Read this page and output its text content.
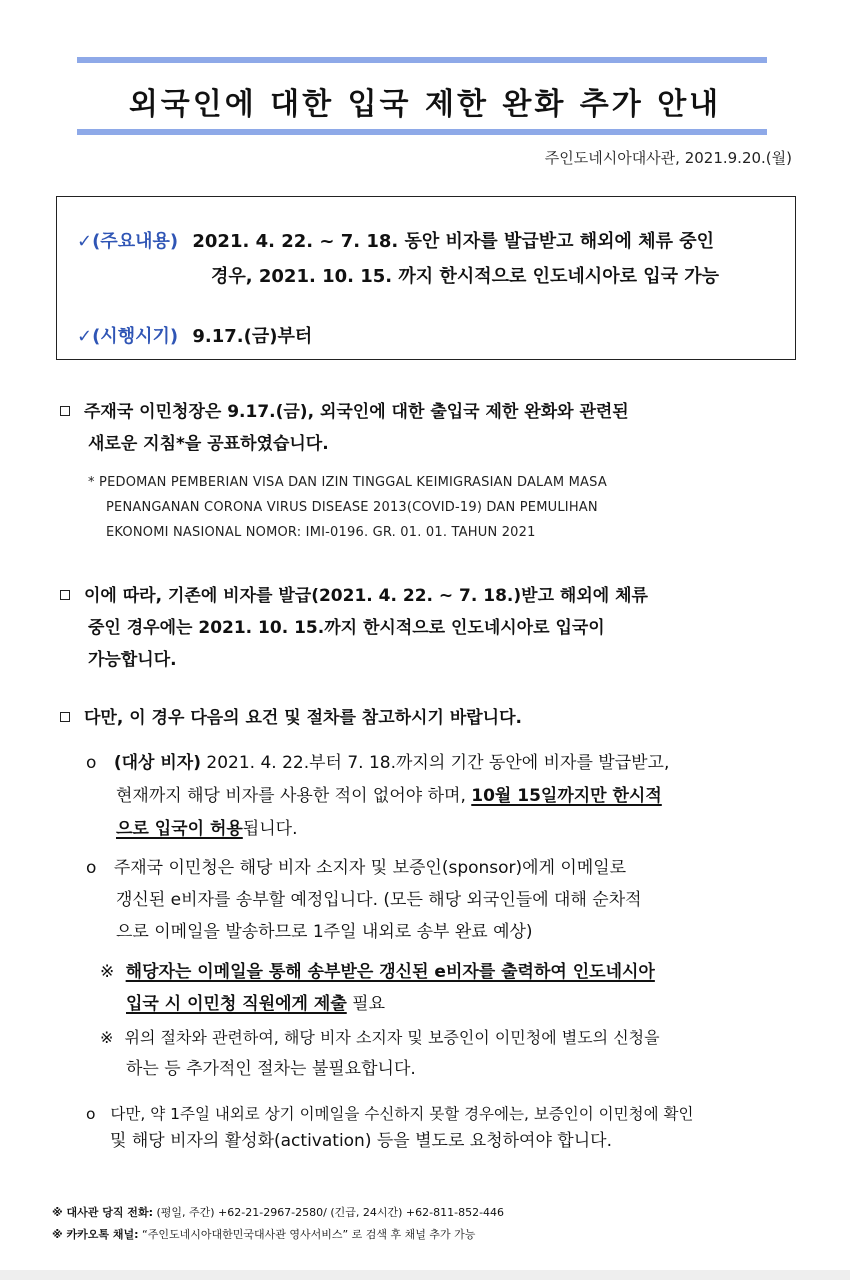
외국인에 대한 입국 제한 완화 추가 안내
주인도네시아대사관, 2021.9.20.(월)
✓(주요내용) 2021. 4. 22. ~ 7. 18. 동안 비자를 발급받고 해외에 체류 중인
경우, 2021. 10. 15. 까지 한시적으로 인도네시아로 입국 가능
✓(시행시기) 9.17.(금)부터
주재국 이민청장은 9.17.(금), 외국인에 대한 출입국 제한 완화와 관련된
새로운 지침*을 공표하였습니다.
* PEDOMAN PEMBERIAN VISA DAN IZIN TINGGAL KEIMIGRASIAN DALAM MASA
PENANGANAN CORONA VIRUS DISEASE 2013(COVID-19) DAN PEMULIHAN
EKONOMI NASIONAL NOMOR: IMI-0196. GR. 01. 01. TAHUN 2021
이에 따라, 기존에 비자를 발급(2021. 4. 22. ~ 7. 18.)받고 해외에 체류
중인 경우에는 2021. 10. 15.까지 한시적으로 인도네시아로 입국이
가능합니다.
다만, 이 경우 다음의 요건 및 절차를 참고하시기 바랍니다.
o (대상 비자) 2021. 4. 22.부터 7. 18.까지의 기간 동안에 비자를 발급받고,
현재까지 해당 비자를 사용한 적이 없어야 하며, 10월 15일까지만 한시적
으로 입국이 허용됩니다.
o 주재국 이민청은 해당 비자 소지자 및 보증인(sponsor)에게 이메일로
갱신된 e비자를 송부할 예정입니다. (모든 해당 외국인들에 대해 순차적
으로 이메일을 발송하므로 1주일 내외로 송부 완료 예상)
※ 해당자는 이메일을 통해 송부받은 갱신된 e비자를 출력하여 인도네시아
입국 시 이민청 직원에게 제출 필요
※ 위의 절차와 관련하여, 해당 비자 소지자 및 보증인이 이민청에 별도의 신청을
하는 등 추가적인 절차는 불필요합니다.
o 다만, 약 1주일 내외로 상기 이메일을 수신하지 못할 경우에는, 보증인이 이민청에 확인
및 해당 비자의 활성화(activation) 등을 별도로 요청하여야 합니다.
※ 대사관 당직 전화: (평일, 주간) +62-21-2967-2580/ (긴급, 24시간) +62-811-852-446
※ 카카오톡 채널: “주인도네시아대한민국대사관 영사서비스” 로 검색 후 채널 추가 가능
